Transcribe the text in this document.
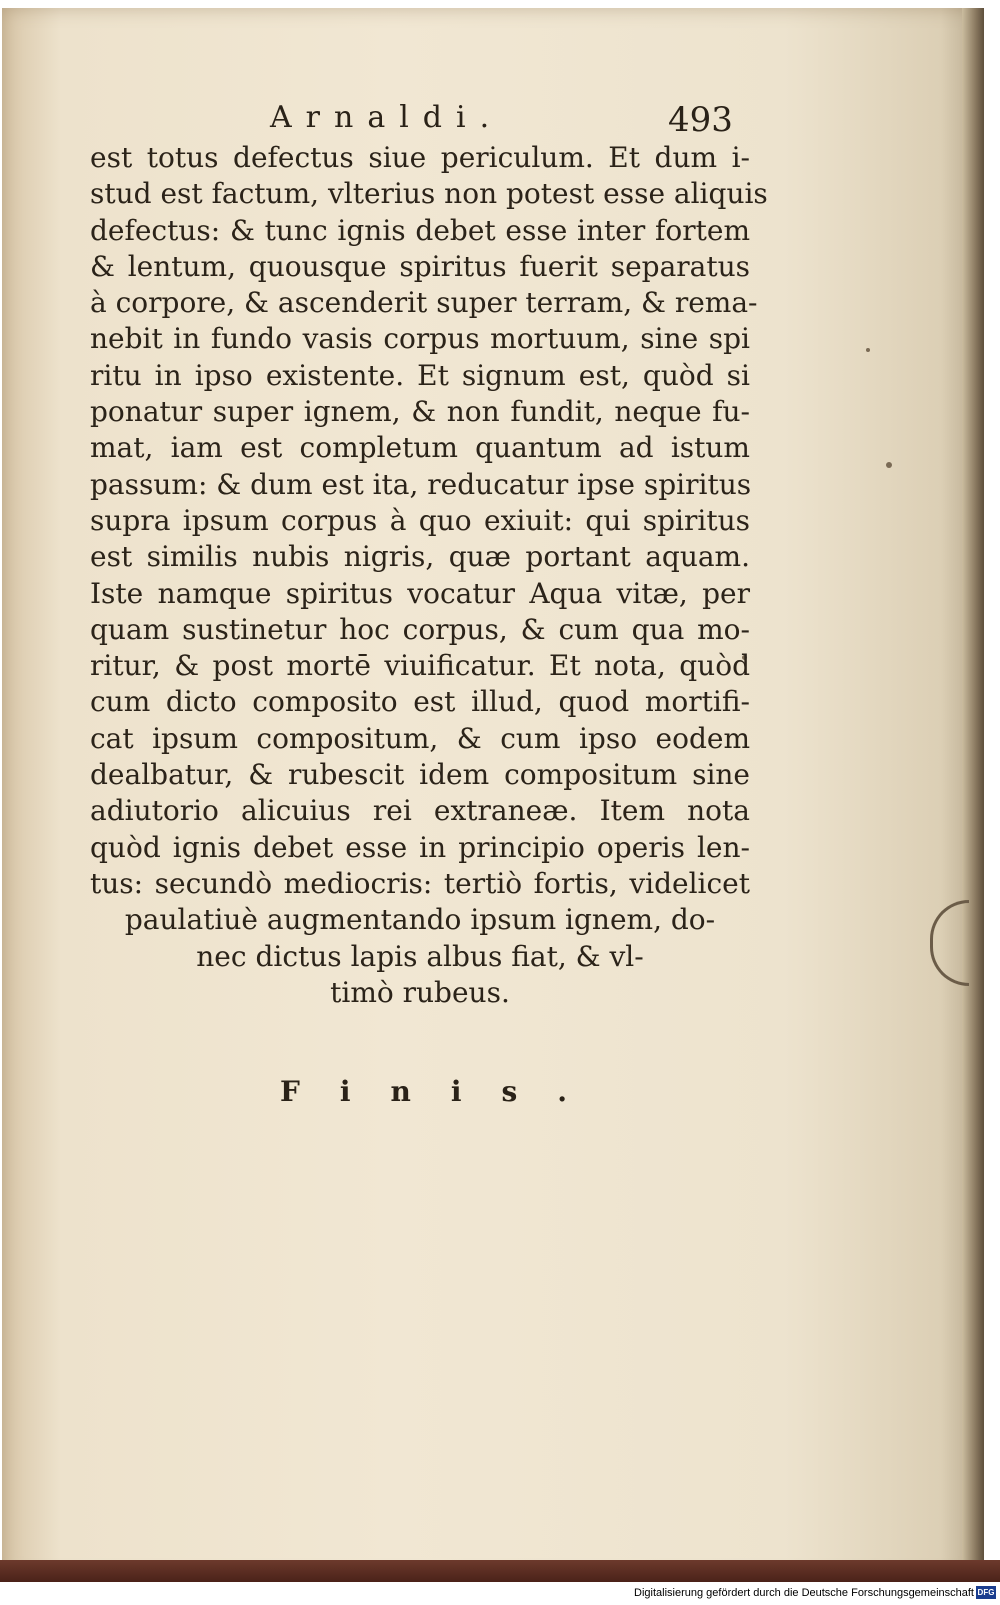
Arnaldi.	493
est totus defectus siue periculum. Et dum i-
stud est factum, vlterius non potest esse aliquis
defectus: & tunc ignis debet esse inter fortem
& lentum, quousque spiritus fuerit separatus
à corpore, & ascenderit super terram, & rema-
nebit in fundo vasis corpus mortuum, sine spi
ritu in ipso existente. Et signum est, quòd si
ponatur super ignem, & non fundit, neque fu-
mat, iam est completum quantum ad istum
passum: & dum est ita, reducatur ipse spiritus
supra ipsum corpus à quo exiuit: qui spiritus
est similis nubis nigris, quæ portant aquam.
Iste namque spiritus vocatur Aqua vitæ, per
quam sustinetur hoc corpus, & cum qua mo-
ritur, & post mortē viuificatur. Et nota, quòd
cum dicto composito est illud, quod mortifi-
cat ipsum compositum, & cum ipso eodem
dealbatur, & rubescit idem compositum sine
adiutorio alicuius rei extraneæ. Item nota
quòd ignis debet esse in principio operis len-
tus: secundò mediocris: tertiò fortis, videlicet
paulatiuè augmentando ipsum ignem, do-
nec dictus lapis albus fiat, & vl-
timò rubeus.
Finis.
Digitalisierung gefördert durch die Deutsche Forschungsgemeinschaft DFG
